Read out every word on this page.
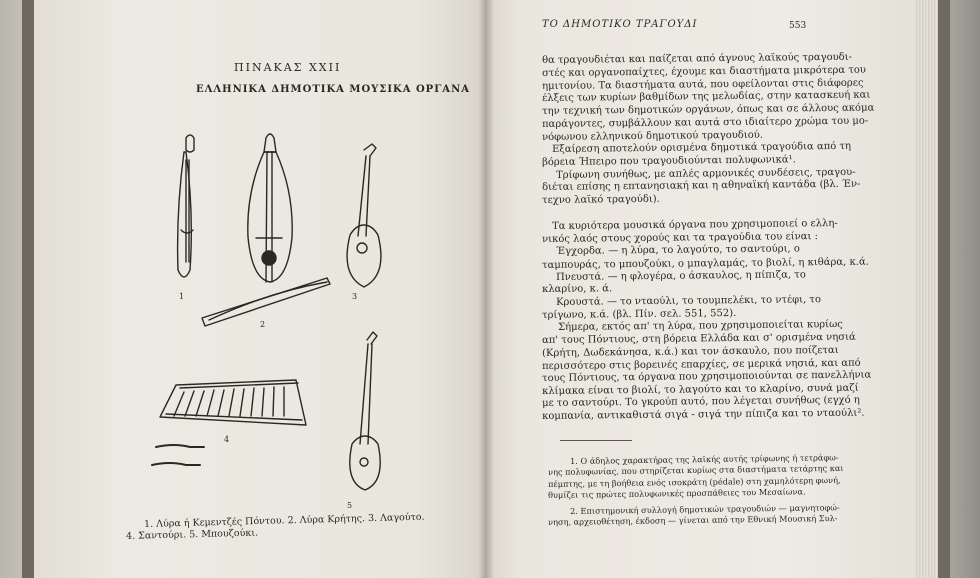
ΠΙΝΑΚΑΣ XXII
ΕΛΛΗΝΙΚΑ ΔΗΜΟΤΙΚΑ ΜΟΥΣΙΚΑ ΟΡΓΑΝΑ
1
2
3
4
5
1. Λύρα ή Κεμεντζές Πόντου. 2. Λύρα Κρήτης. 3. Λαγούτο.
4. Σαντούρι. 5. Μπουζούκι.
ΤΟ ΔΗΜΟΤΙΚΟ ΤΡΑΓΟΥΔΙ	553
θα τραγουδιέται και παίζεται από άγνους λαϊκούς τραγουδι-
στές και οργανοπαίχτες, έχουμε και διαστήματα μικρότερα του
ημιτονίου. Τα διαστήματα αυτά, που οφείλονται στις διάφορες
έλξεις των κυρίων βαθμίδων της μελωδίας, στην κατασκευή και
την τεχνική των δημοτικών οργάνων, όπως και σε άλλους ακόμα
παράγοντες, συμβάλλουν και αυτά στο ιδιαίτερο χρώμα του μο-
νόφωνου ελληνικού δημοτικού τραγουδιού.
Εξαίρεση αποτελούν ορισμένα δημοτικά τραγούδια από τη
βόρεια Ήπειρο που τραγουδιούνται πολυφωνικά¹.
Τρίφωνη συνήθως, με απλές αρμονικές συνδέσεις, τραγου-
διέται επίσης η επτανησιακή και η αθηναϊκή καντάδα (βλ. Έν-
τεχνο λαϊκό τραγούδι).
Τα κυριότερα μουσικά όργανα που χρησιμοποιεί ο ελλη-
νικός λαός στους χορούς και τα τραγούδια του είναι :
Έγχορδα. — η λύρα, το λαγούτο, το σαντούρι, ο
ταμπουράς, το μπουζούκι, ο μπαγλαμάς, το βιολί, η κιθάρα, κ.ά.
Πνευστά. — η φλογέρα, ο άσκαυλος, η πίπιζα, το
κλαρίνο, κ. ά.
Κρουστά. — το νταούλι, το τουμπελέκι, το ντέφι, το
τρίγωνο, κ.ά. (βλ. Πίν. σελ. 551, 552).
Σήμερα, εκτός απ' τη λύρα, που χρησιμοποιείται κυρίως
απ' τους Πόντιους, στη βόρεια Ελλάδα και σ' ορισμένα νησιά
(Κρήτη, Δωδεκάνησα, κ.ά.) και τον άσκαυλο, που ποίζεται
περισσότερο στις βορεινές επαρχίες, σε μερικά νησιά, και από
τους Πόντιους, τα όργανα που χρησιμοποιούνται σε πανελλήνια
κλίμακα είναι το βιολί, το λαγούτο και το κλαρίνο, συνά μαζί
με το σαντούρι. Το γκρούπ αυτό, που λέγεται συνήθως (εγχό η
κομπανία, αντικαθιστά σιγά - σιγά την πίπιζα και το νταούλι².
1. Ο άδηλος χαρακτήρας της λαϊκής αυτής τρίφωνης ή τετράφω-
νης πολυφωνίας, που στηρίζεται κυρίως στα διαστήματα τετάρτης και
πέμπτης, με τη βοήθεια ενός ισοκράτη (pédale) στη χαμηλότερη φωνή,
θυμίζει τις πρώτες πολυφωνικές προσπάθειες του Μεσαίωνα.
2. Επιστημονική συλλογή δημοτικών τραγουδιών — μαγνητοφώ-
νηση, αρχειοθέτηση, έκδοση — γίνεται από την Εθνική Μουσική Συλ-
